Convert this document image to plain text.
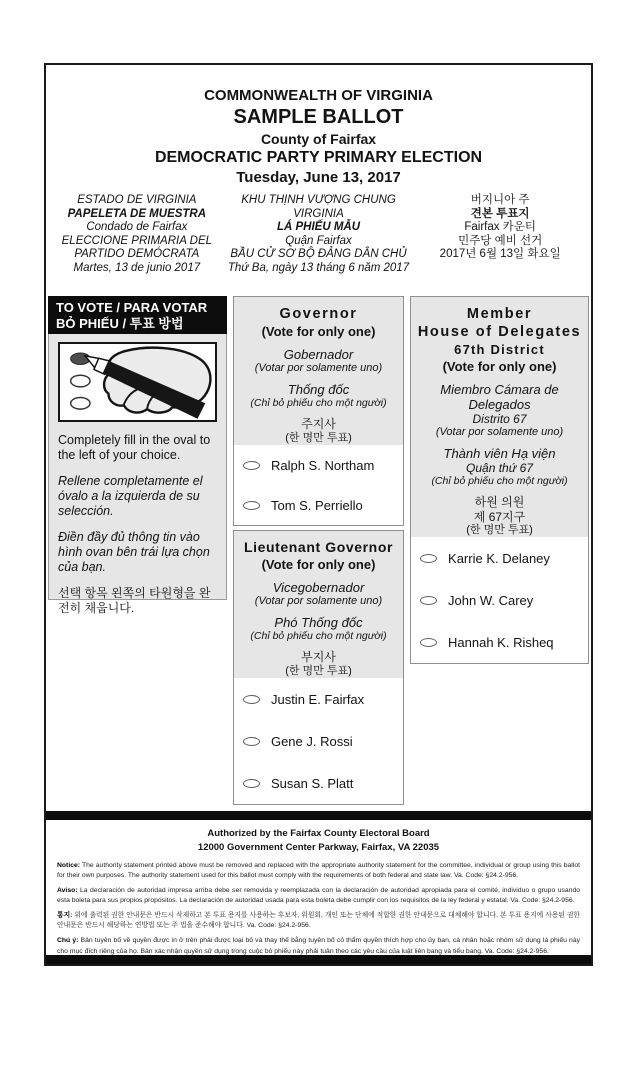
COMMONWEALTH OF VIRGINIA
SAMPLE BALLOT
County of Fairfax
DEMOCRATIC PARTY PRIMARY ELECTION
Tuesday, June 13, 2017
ESTADO DE VIRGINIA
PAPELETA DE MUESTRA
Condado de Fairfax
ELECCIONE PRIMARIA DEL
PARTIDO DEMÓCRATA
Martes, 13 de junio 2017
KHU THỊNH VƯỢNG CHUNG
VIRGINIA
LÁ PHIẾU MẪU
Quận Fairfax
BẦU CỬ SƠ BỘ ĐẢNG DÂN CHỦ
Thứ Ba, ngày 13 tháng 6 năm 2017
버지니아 주
견본 투표지
Fairfax 카운티
민주당 예비 선거
2017년 6월 13일 화요일
TO VOTE / PARA VOTAR
BỎ PHIẾU / 투표 방법

Completely fill in the oval to the left of your choice.

Rellene completamente el óvalo a la izquierda de su selección.

Điền đầy đủ thông tin vào hình ovan bên trái lựa chọn của bạn.

선택 항목 왼쪽의 타원형을 완전히 채웁니다.

Governor
(Vote for only one)
Gobernador
(Votar por solamente uno)
Thống đốc
(Chỉ bỏ phiếu cho một người)
주지사
(한 명만 투표)
Ralph S. Northam
Tom S. Perriello
Lieutenant Governor
(Vote for only one)
Vicegobernador
(Votar por solamente uno)
Phó Thống đốc
(Chỉ bỏ phiếu cho một người)
부지사
(한 명만 투표)
Justin E. Fairfax
Gene J. Rossi
Susan S. Platt
Member
House of Delegates
67th District
(Vote for only one)
Miembro Cámara de Delegados
Distrito 67
(Votar por solamente uno)
Thành viên Hạ viện
Quận thứ 67
(Chỉ bỏ phiếu cho một người)
하원 의원
제 67지구
(한 명만 투표)
Karrie K. Delaney
John W. Carey
Hannah K. Risheq
Authorized by the Fairfax County Electoral Board
12000 Government Center Parkway, Fairfax, VA 22035

Notice: The authority statement printed above must be removed and replaced with the appropriate authority statement for the committee, individual or group using this ballot for their own purposes. The authority statement used for this ballot must comply with the requirements of both federal and state law. Va. Code: §24.2-956.

Aviso: La declaración de autoridad impresa arriba debe ser removida y reemplazada con la declaración de autoridad apropiada para el comité, individuo o grupo usando esta boleta para sus propios propósitos. La declaración de autoridad usada para esta boleta debe cumplir con los requisitos de la ley federal y estatal. Va. Code: §24.2-956.

통지: 위에 출력된 권한 안내문은 반드시 삭제하고 본 투표 용지를 사용하는 후보자, 위원회, 개인 또는 단체에 적합한 권한 안내문으로 대체해야 합니다. 본 투표 용지에 사용된 권한 안내문은 반드시 해당하는 연방법 또는 주 법을 준수해야 합니다. Va. Code: §24.2-956.

Chú ý: Bản tuyên bố về quyền được in ở trên phải được loại bỏ và thay thế bằng tuyên bố có thẩm quyền thích hợp cho ủy ban, cá nhân hoặc nhóm sử dụng lá phiếu này cho mục đích riêng của họ. Bản xác nhận quyền sử dụng trong cuộc bỏ phiếu này phải tuân theo các yêu cầu của luật liên bang và tiểu bang. Va. Code: §24.2-956.
